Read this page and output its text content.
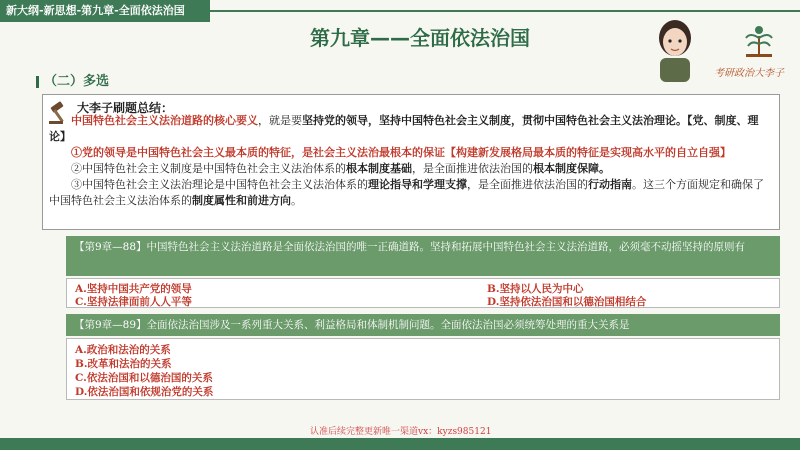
新大纲-新思想-第九章-全面依法治国
第九章——全面依法治国
考研政治大李子
（二）多选
大李子刷题总结：

中国特色社会主义法治道路的核心要义，就是要坚持党的领导，坚持中国特色社会主义制度，贯彻中国特色社会主义法治理论。【党、制度、理论】

①党的领导是中国特色社会主义最本质的特征，是社会主义法治最根本的保证【构建新发展格局最本质的特征是实现高水平的自立自强】

②中国特色社会主义制度是中国特色社会主义法治体系的根本制度基础，是全面推进依法治国的根本制度保障。

③中国特色社会主义法治理论是中国特色社会主义法治体系的理论指导和学理支撑，是全面推进依法治国的行动指南。这三个方面规定和确保了中国特色社会主义法治体系的制度属性和前进方向。

【第9章—88】中国特色社会主义法治道路是全面依法治国的唯一正确道路。坚持和拓展中国特色社会主义法治道路，必须毫不动摇坚持的原则有
A.坚持中国共产党的领导	B.坚持以人民为中心
C.坚持法律面前人人平等	D.坚持依法治国和以德治国相结合
【第9章—89】全面依法治国涉及一系列重大关系、利益格局和体制机制问题。全面依法治国必须统筹处理的重大关系是
A.政治和法治的关系
B.改革和法治的关系
C.依法治国和以德治国的关系
D.依法治国和依规治党的关系
认准后续完整更新唯一渠道vx：kyzs985121
